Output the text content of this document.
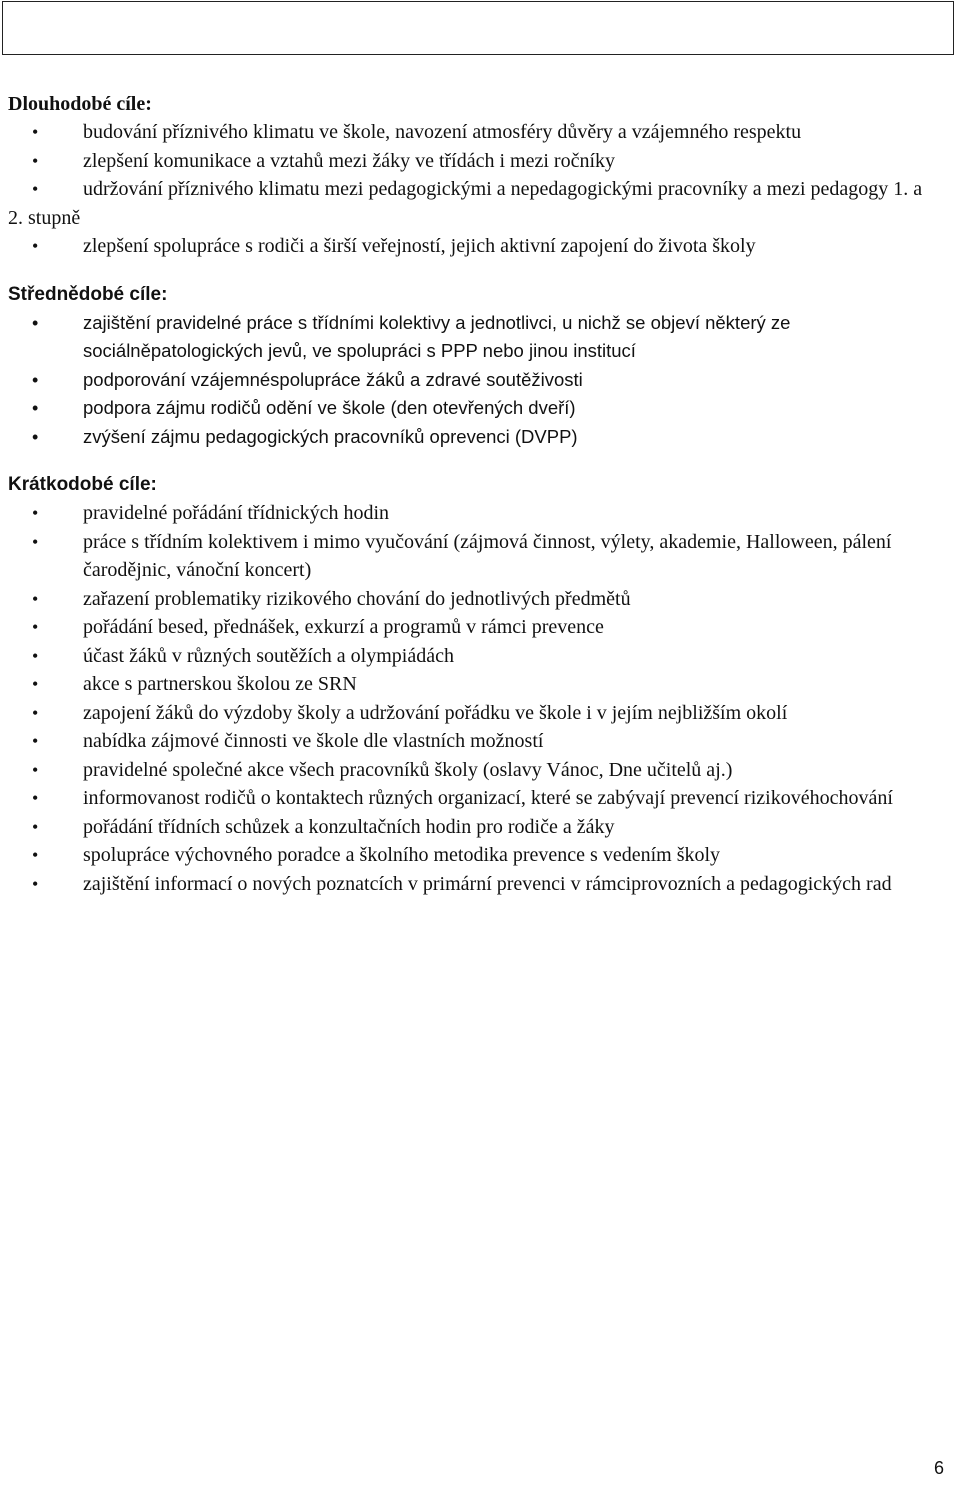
Dlouhodobé cíle:
• budování příznivého klimatu ve škole, navození atmosféry důvěry a vzájemného respektu
• zlepšení komunikace a vztahů mezi žáky ve třídách i mezi ročníky
• udržování příznivého klimatu mezi pedagogickými a nepedagogickými pracovníky a mezi pedagogy 1. a 2. stupně
• zlepšení spolupráce s rodiči a širší veřejností, jejich aktivní zapojení do života školy
Střednědobé cíle:
• zajištění pravidelné práce s třídními kolektivy a jednotlivci, u nichž se objeví některý ze sociálněpatologických jevů, ve spolupráci s PPP nebo jinou institucí
• podporování vzájemnéspolupráce žáků a zdravé soutěživosti
• podpora zájmu rodičů odění ve škole (den otevřených dveří)
• zvýšení zájmu pedagogických pracovníků oprevenci (DVPP)
Krátkodobé cíle:
• pravidelné pořádání třídnických hodin
• práce s třídním kolektivem i mimo vyučování (zájmová činnost, výlety, akademie, Halloween, pálení čarodějnic, vánoční koncert)
• zařazení problematiky rizikového chování do jednotlivých předmětů
• pořádání besed, přednášek, exkurzí a programů v rámci prevence
• účast žáků v různých soutěžích a olympiádách
• akce s partnerskou školou ze SRN
• zapojení žáků do výzdoby školy a udržování pořádku ve škole i v jejím nejbližším okolí
• nabídka zájmové činnosti ve škole dle vlastních možností
• pravidelné společné akce všech pracovníků školy (oslavy Vánoc, Dne učitelů aj.)
• informovanost rodičů o kontaktech různých organizací, které se zabývají prevencí rizikovéhochování
• pořádání třídních schůzek a konzultačních hodin pro rodiče a žáky
• spolupráce výchovného poradce a školního metodika prevence s vedením školy
• zajištění informací o nových poznatcích v primární prevenci v rámciprovozních a pedagogických rad
6
